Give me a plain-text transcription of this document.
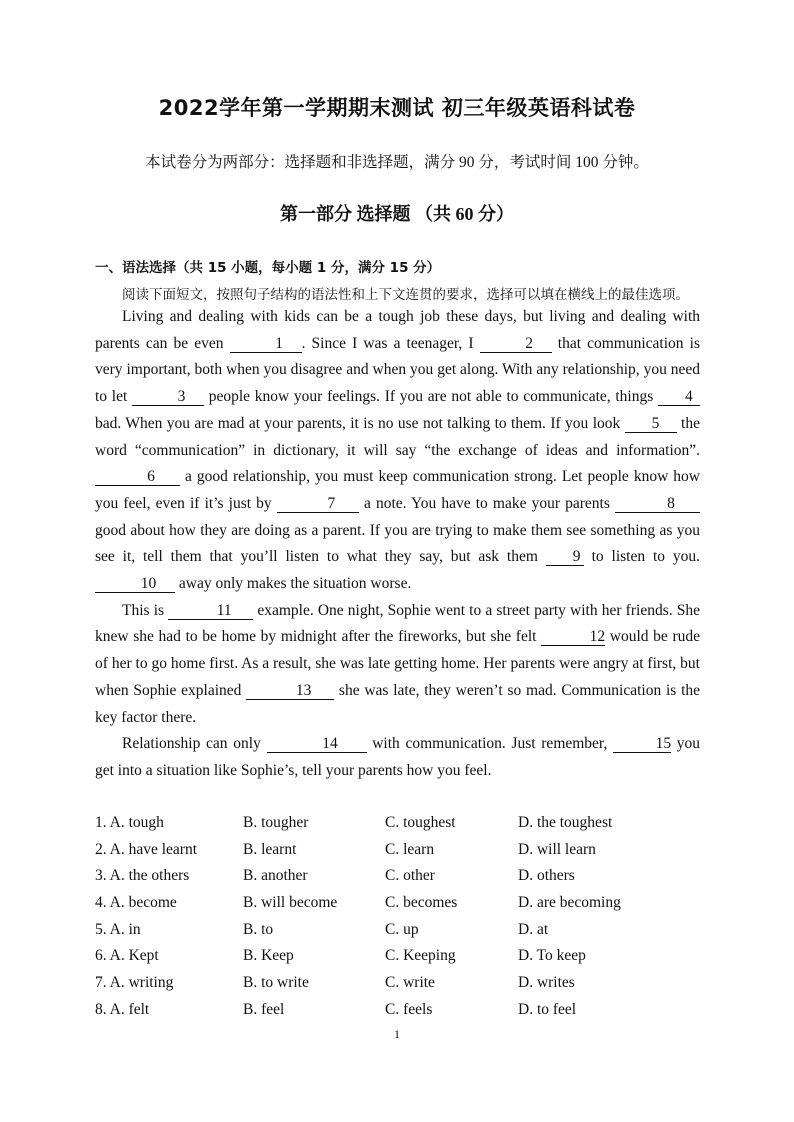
2022学年第一学期期末测试 初三年级英语科试卷
本试卷分为两部分：选择题和非选择题，满分 90 分，考试时间 100 分钟。
第一部分 选择题 （共 60 分）
一、语法选择（共 15 小题，每小题 1 分，满分 15 分）
阅读下面短文，按照句子结构的语法性和上下文连贯的要求，选择可以填在横线上的最佳选项。

Living and dealing with kids can be a tough job these days, but living and dealing with parents can be even	1 . Since I was a teenager, I	2 that communication is very important, both when you disagree and when you get along. With any relationship, you need to let	3 people know your feelings. If you are not able to communicate, things 4 bad. When you are mad at your parents, it is no use not talking to them. If you look 5 the word “communication” in dictionary, it will say “the exchange of ideas and information”. 6 a good relationship, you must keep communication strong. Let people know how you feel, even if it’s just by	7 a note. You have to make your parents	8 good about how they are doing as a parent. If you are trying to make them see something as you see it, tell them that you’ll listen to what they say, but ask them 9 to listen to you. 10 away only makes the situation worse.

This is	11 example. One night, Sophie went to a street party with her friends. She knew she had to be home by midnight after the fireworks, but she felt	12 would be rude of her to go home first. As a result, she was late getting home. Her parents were angry at first, but when Sophie explained	13 she was late, they weren’t so mad. Communication is the key factor there.

Relationship can only	14 with communication. Just remember,	15 you get into a situation like Sophie’s, tell your parents how you feel.

1. A. tough	B. tougher	C. toughest	D. the toughest
2. A. have learnt	B. learnt	C. learn	D. will learn
3. A. the others	B. another	C. other	D. others
4. A. become	B. will become	C. becomes	D. are becoming
5. A. in	B. to	C. up	D. at
6. A. Kept	B. Keep	C. Keeping	D. To keep
7. A. writing	B. to write	C. write	D. writes
8. A. felt	B. feel	C. feels	D. to feel
1
